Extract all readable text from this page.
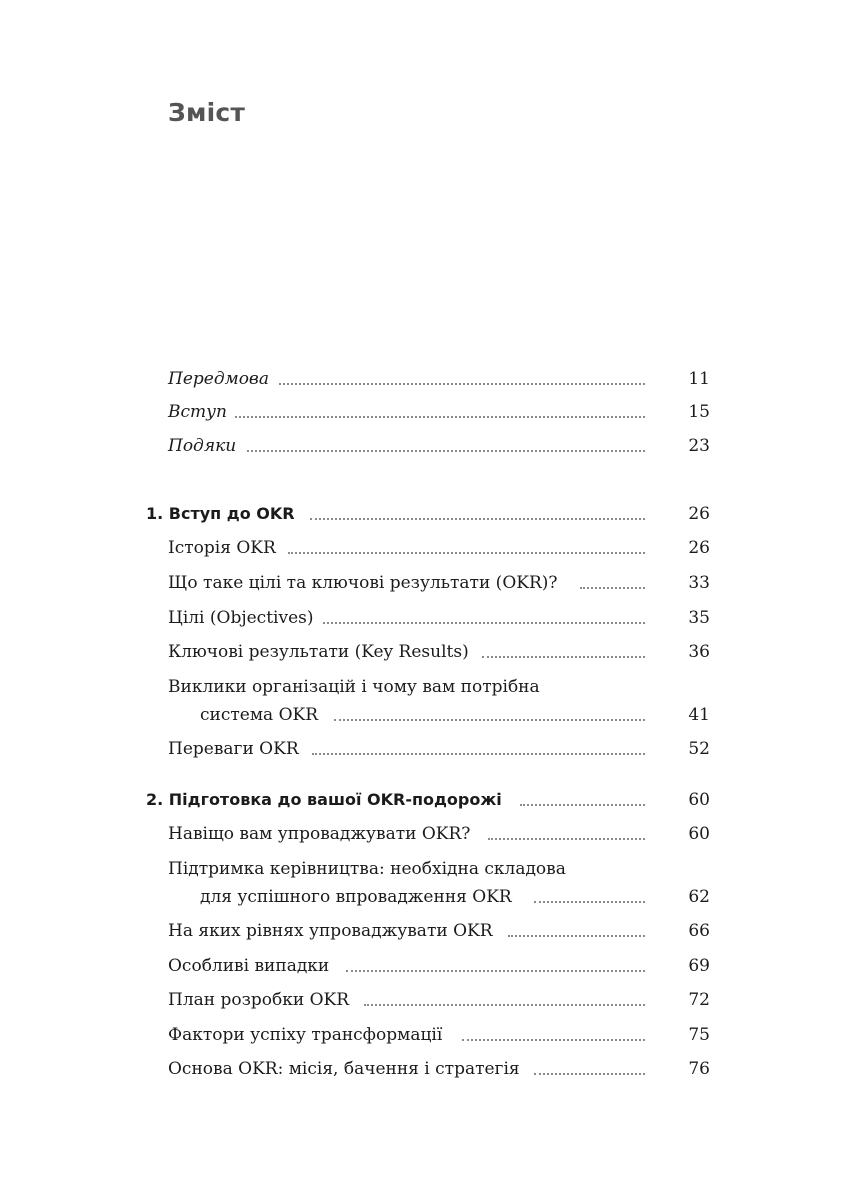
Зміст
Передмова	11
Вступ	15
Подяки	23
1. Вступ до OKR	26
Історія OKR	26
Що таке цілі та ключові результати (OKR)?	33
Цілі (Objectives)	35
Ключові результати (Key Results)	36
Виклики організацій і чому вам потрібна
система OKR	41
Переваги OKR	52
2. Підготовка до вашої OKR-подорожі	60
Навіщо вам упроваджувати OKR?	60
Підтримка керівництва: необхідна складова
для успішного впровадження OKR	62
На яких рівнях упроваджувати OKR	66
Особливі випадки	69
План розробки OKR	72
Фактори успіху трансформації	75
Основа OKR: місія, бачення і стратегія	76
